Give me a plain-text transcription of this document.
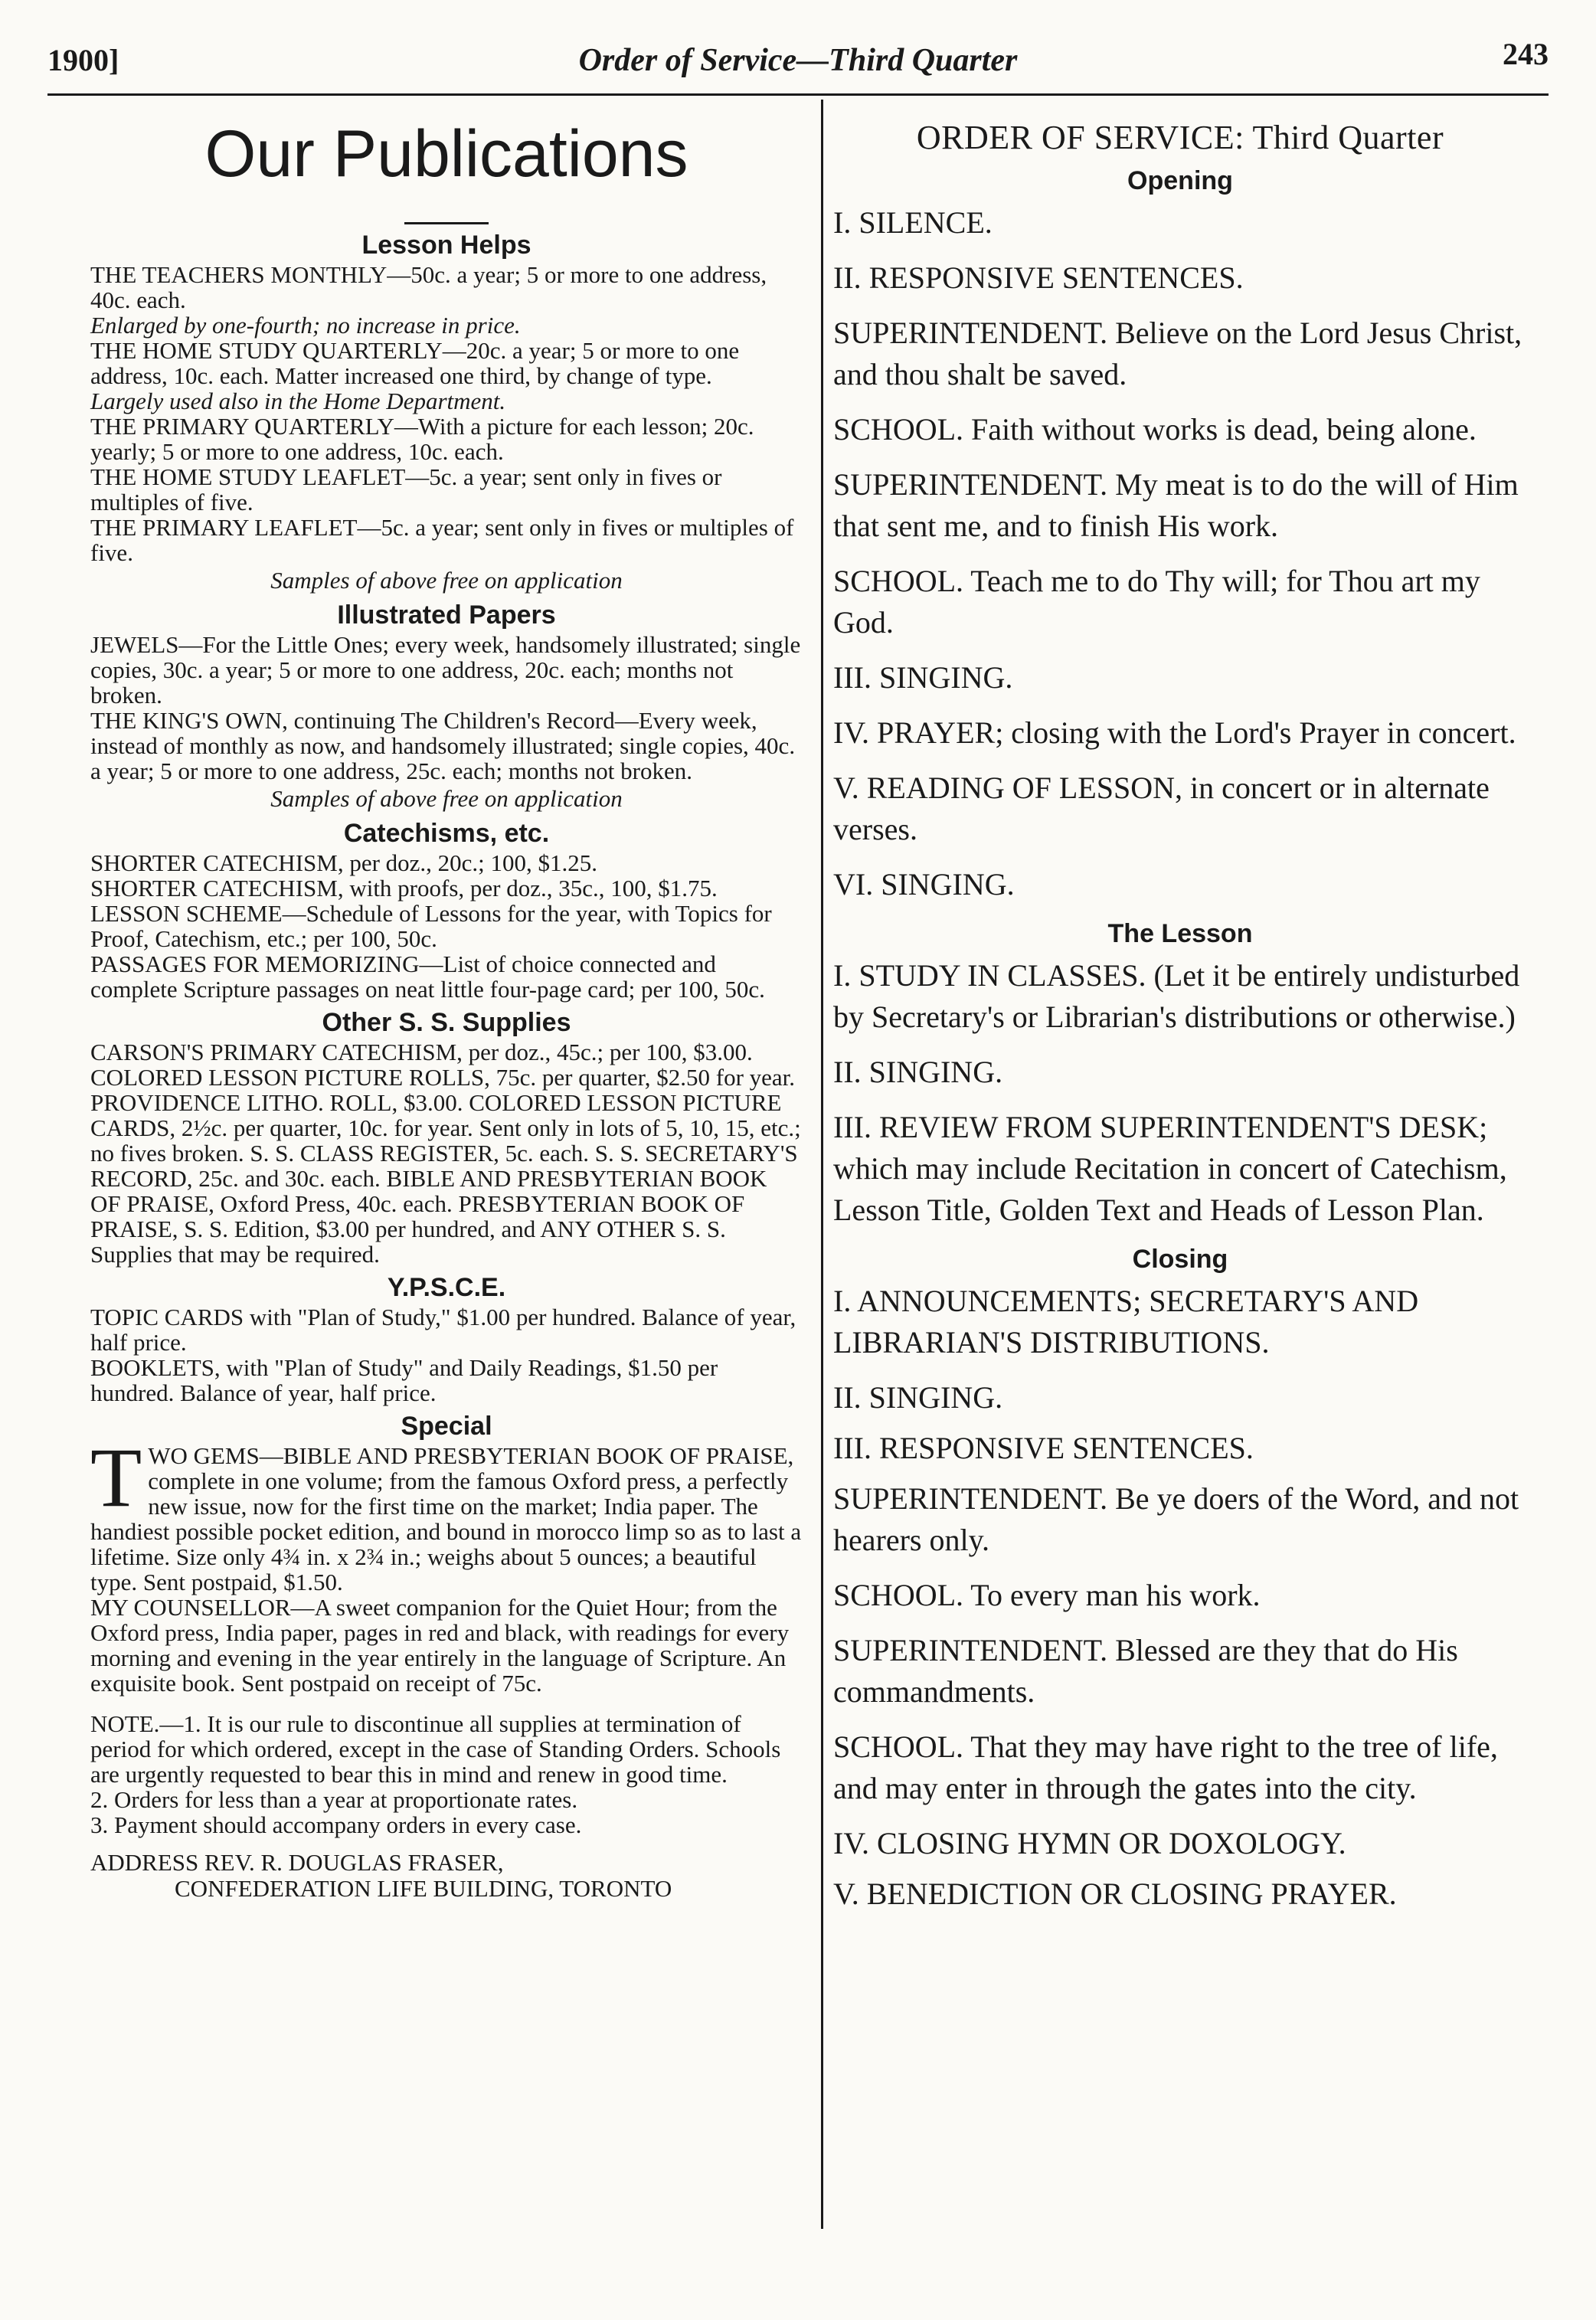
1900]	Order of Service—Third Quarter	243
Our Publications
Lesson Helps

THE TEACHERS MONTHLY—50c. a year; 5 or more to one address, 40c. each.

Enlarged by one-fourth; no increase in price.

THE HOME STUDY QUARTERLY—20c. a year; 5 or more to one address, 10c. each. Matter increased one third, by change of type.

Largely used also in the Home Department.

THE PRIMARY QUARTERLY—With a picture for each lesson; 20c. yearly; 5 or more to one address, 10c. each.

THE HOME STUDY LEAFLET—5c. a year; sent only in fives or multiples of five.

THE PRIMARY LEAFLET—5c. a year; sent only in fives or multiples of five.

Samples of above free on application
Illustrated Papers

JEWELS—For the Little Ones; every week, handsomely illustrated; single copies, 30c. a year; 5 or more to one address, 20c. each; months not broken.

THE KING'S OWN, continuing The Children's Record—Every week, instead of monthly as now, and handsomely illustrated; single copies, 40c. a year; 5 or more to one address, 25c. each; months not broken.

Samples of above free on application
Catechisms, etc.

SHORTER CATECHISM, per doz., 20c.; 100, $1.25.

SHORTER CATECHISM, with proofs, per doz., 35c., 100, $1.75.

LESSON SCHEME—Schedule of Lessons for the year, with Topics for Proof, Catechism, etc.; per 100, 50c.

PASSAGES FOR MEMORIZING—List of choice connected and complete Scripture passages on neat little four-page card; per 100, 50c.

Other S. S. Supplies

CARSON'S PRIMARY CATECHISM, per doz., 45c.; per 100, $3.00. COLORED LESSON PICTURE ROLLS, 75c. per quarter, $2.50 for year. PROVIDENCE LITHO. ROLL, $3.00. COLORED LESSON PICTURE CARDS, 2½c. per quarter, 10c. for year. Sent only in lots of 5, 10, 15, etc.; no fives broken. S. S. CLASS REGISTER, 5c. each. S. S. SECRETARY'S RECORD, 25c. and 30c. each. BIBLE AND PRESBYTERIAN BOOK OF PRAISE, Oxford Press, 40c. each. PRESBYTERIAN BOOK OF PRAISE, S. S. Edition, $3.00 per hundred, and ANY OTHER S. S. Supplies that may be required.

Y.P.S.C.E.

TOPIC CARDS with "Plan of Study," $1.00 per hundred. Balance of year, half price.

BOOKLETS, with "Plan of Study" and Daily Readings, $1.50 per hundred. Balance of year, half price.

Special
T WO GEMS—BIBLE AND PRESBYTERIAN BOOK OF PRAISE, complete in one volume; from the famous Oxford press, a perfectly new issue, now for the first time on the market; India paper. The handiest possible pocket edition, and bound in morocco limp so as to last a lifetime. Size only 4¾ in. x 2¾ in.; weighs about 5 ounces; a beautiful type. Sent postpaid, $1.50.

MY COUNSELLOR—A sweet companion for the Quiet Hour; from the Oxford press, India paper, pages in red and black, with readings for every morning and evening in the year entirely in the language of Scripture. An exquisite book. Sent postpaid on receipt of 75c.

NOTE.—1. It is our rule to discontinue all supplies at termination of period for which ordered, except in the case of Standing Orders. Schools are urgently requested to bear this in mind and renew in good time.

2. Orders for less than a year at proportionate rates.

3. Payment should accompany orders in every case.

ADDRESS REV. R. DOUGLAS FRASER,
CONFEDERATION LIFE BUILDING, TORONTO
ORDER OF SERVICE: Third Quarter
Opening

I. SILENCE.

II. RESPONSIVE SENTENCES.

SUPERINTENDENT. Believe on the Lord Jesus Christ, and thou shalt be saved.

SCHOOL. Faith without works is dead, being alone.

SUPERINTENDENT. My meat is to do the will of Him that sent me, and to finish His work.

SCHOOL. Teach me to do Thy will; for Thou art my God.

III. SINGING.

IV. PRAYER; closing with the Lord's Prayer in concert.

V. READING OF LESSON, in concert or in alternate verses.

VI. SINGING.

The Lesson

I. STUDY IN CLASSES. (Let it be entirely undisturbed by Secretary's or Librarian's distributions or otherwise.)

II. SINGING.

III. REVIEW FROM SUPERINTENDENT'S DESK; which may include Recitation in concert of Catechism, Lesson Title, Golden Text and Heads of Lesson Plan.

Closing

I. ANNOUNCEMENTS; SECRETARY'S AND LIBRARIAN'S DISTRIBUTIONS.

II. SINGING.

III. RESPONSIVE SENTENCES.

SUPERINTENDENT. Be ye doers of the Word, and not hearers only.

SCHOOL. To every man his work.

SUPERINTENDENT. Blessed are they that do His commandments.

SCHOOL. That they may have right to the tree of life, and may enter in through the gates into the city.

IV. CLOSING HYMN OR DOXOLOGY.

V. BENEDICTION OR CLOSING PRAYER.
